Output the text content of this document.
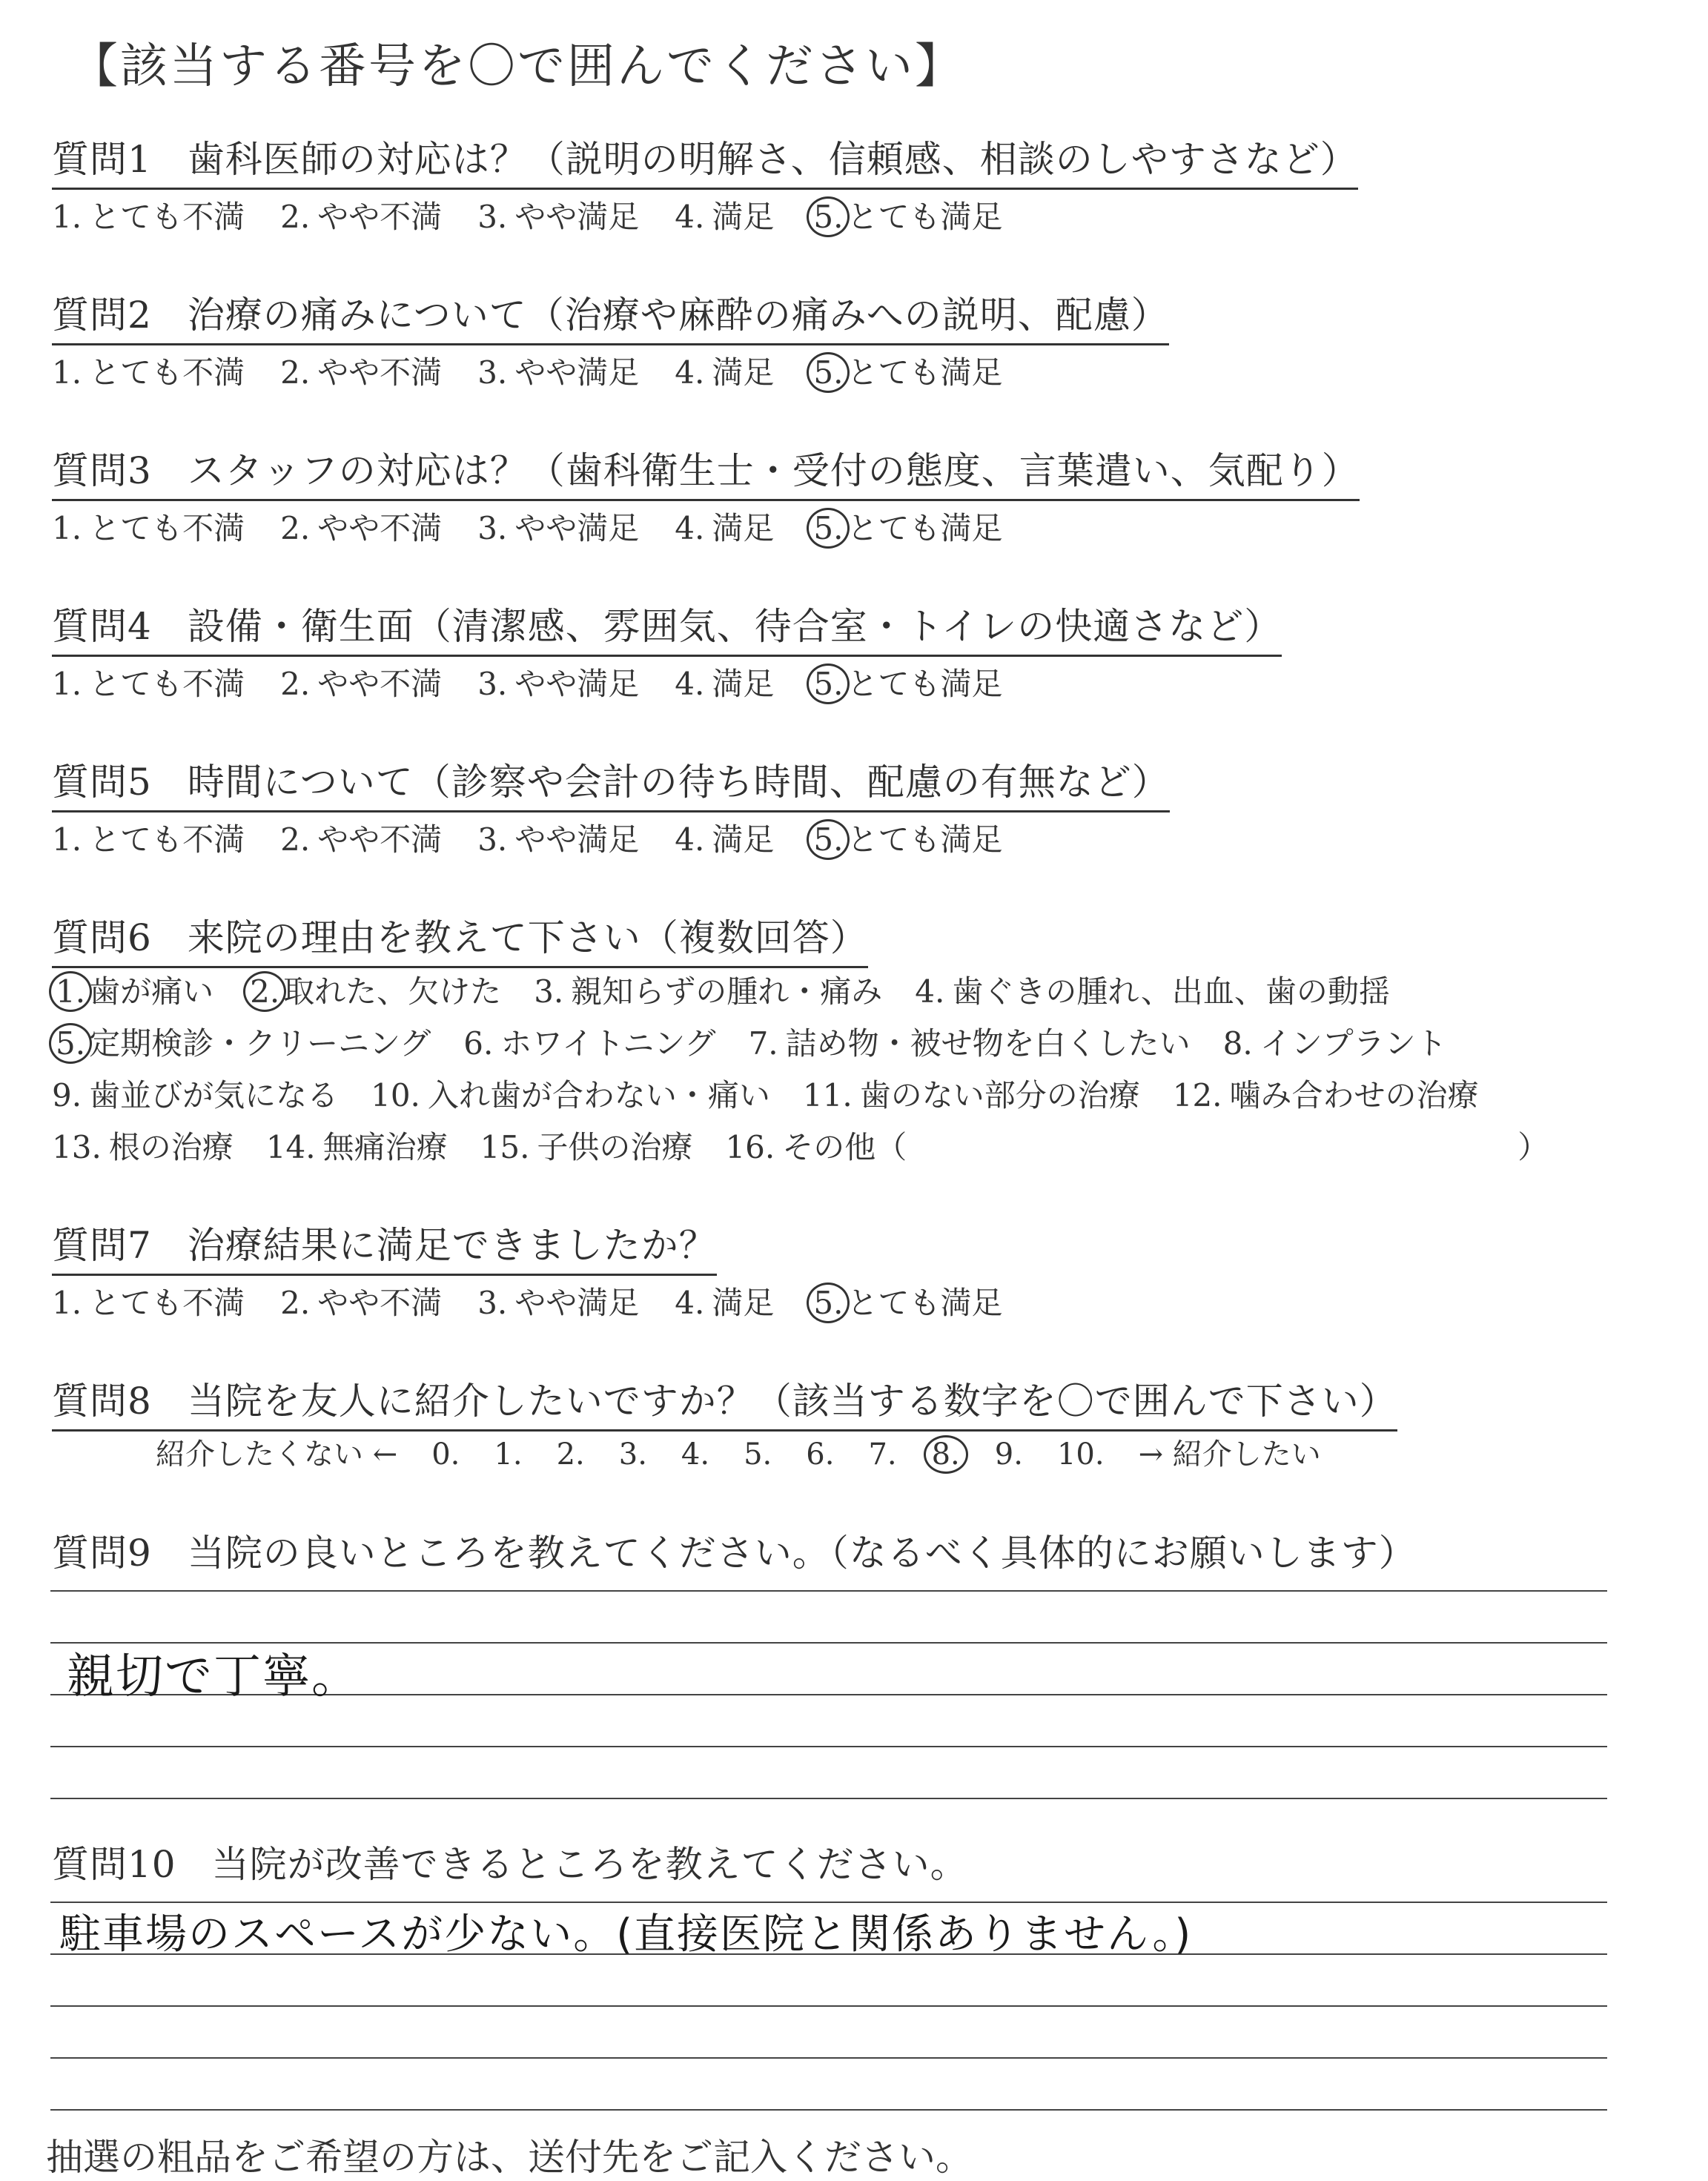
【該当する番号を〇で囲んでください】
質問1 歯科医師の対応は？（説明の明解さ、信頼感、相談のしやすさなど）
1. とても不満 2. やや不満 3. やや満足 4. 満足 5. とても満足
質問2 治療の痛みについて（治療や麻酔の痛みへの説明、配慮）
1. とても不満 2. やや不満 3. やや満足 4. 満足 5. とても満足
質問3 スタッフの対応は？（歯科衛生士・受付の態度、言葉遣い、気配り）
1. とても不満 2. やや不満 3. やや満足 4. 満足 5. とても満足
質問4 設備・衛生面（清潔感、雰囲気、待合室・トイレの快適さなど）
1. とても不満 2. やや不満 3. やや満足 4. 満足 5. とても満足
質問5 時間について（診察や会計の待ち時間、配慮の有無など）
1. とても不満 2. やや不満 3. やや満足 4. 満足 5. とても満足
質問6 来院の理由を教えて下さい（複数回答）
1. 歯が痛い 2. 取れた、欠けた 3. 親知らずの腫れ・痛み 4. 歯ぐきの腫れ、出血、歯の動揺
5. 定期検診・クリーニング 6. ホワイトニング 7. 詰め物・被せ物を白くしたい 8. インプラント
9. 歯並びが気になる 10. 入れ歯が合わない・痛い 11. 歯のない部分の治療 12. 噛み合わせの治療
13. 根の治療 14. 無痛治療 15. 子供の治療 16. その他（	）
質問7 治療結果に満足できましたか？
1. とても不満 2. やや不満 3. やや満足 4. 満足 5. とても満足
質問8 当院を友人に紹介したいですか？（該当する数字を〇で囲んで下さい）
紹介したくない ← 0. 1. 2. 3. 4. 5. 6. 7. 8. 9. 10. → 紹介したい
質問9 当院の良いところを教えてください。（なるべく具体的にお願いします）
親切で丁寧。
質問10 当院が改善できるところを教えてください。
駐車場のスペースが少ない。(直接医院と関係ありません。)
抽選の粗品をご希望の方は、送付先をご記入ください。
